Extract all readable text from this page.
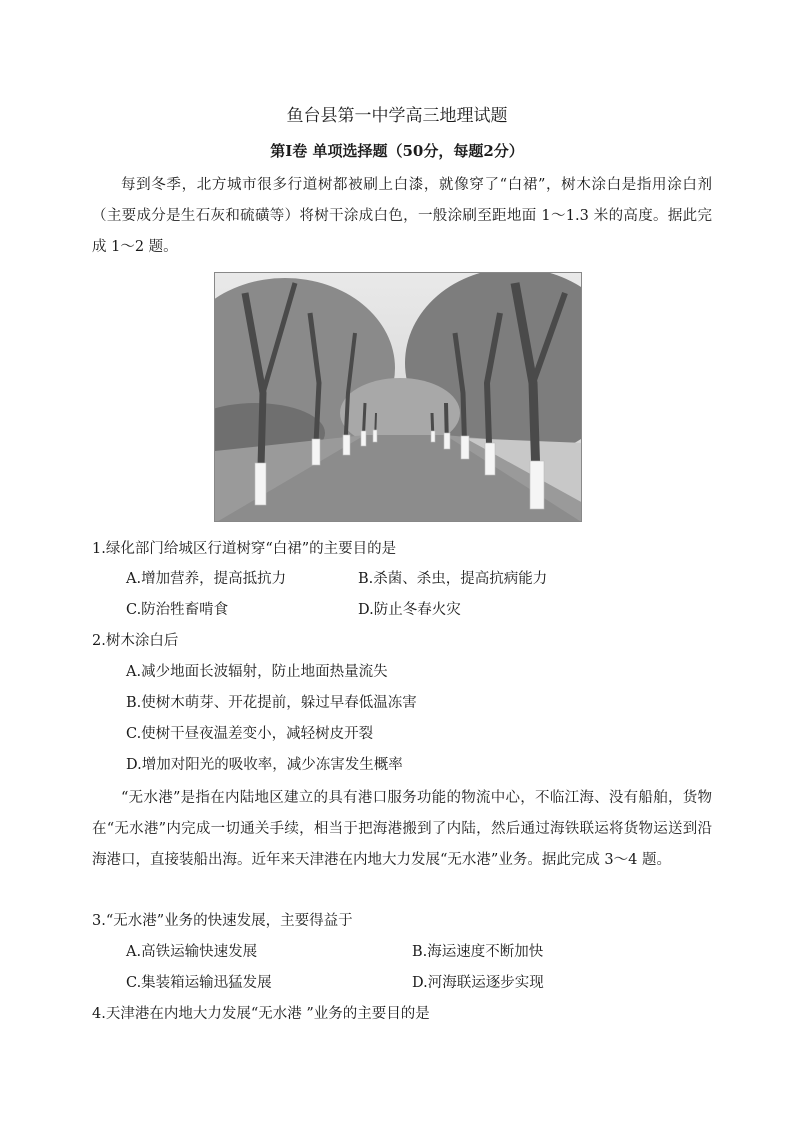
鱼台县第一中学高三地理试题
第Ⅰ卷 单项选择题（50分，每题2分）
每到冬季，北方城市很多行道树都被刷上白漆，就像穿了“白裙”，树木涂白是指用涂白剂（主要成分是生石灰和硫磺等）将树干涂成白色，一般涂刷至距地面 1～1.3 米的高度。据此完成 1～2 题。
1.绿化部门给城区行道树穿“白裙”的主要目的是
A.增加营养，提高抵抗力	B.杀菌、杀虫，提高抗病能力
C.防治牲畜啃食	D.防止冬春火灾
2.树木涂白后
A.减少地面长波辐射，防止地面热量流失
B.使树木萌芽、开花提前，躲过早春低温冻害
C.使树干昼夜温差变小，减轻树皮开裂
D.增加对阳光的吸收率，减少冻害发生概率
“无水港”是指在内陆地区建立的具有港口服务功能的物流中心，不临江海、没有船舶，货物在“无水港”内完成一切通关手续，相当于把海港搬到了内陆，然后通过海铁联运将货物运送到沿海港口，直接装船出海。近年来天津港在内地大力发展“无水港”业务。据此完成 3～4 题。
3.“无水港”业务的快速发展，主要得益于
A.高铁运输快速发展	B.海运速度不断加快
C.集装箱运输迅猛发展	D.河海联运逐步实现
4.天津港在内地大力发展“无水港 ”业务的主要目的是
